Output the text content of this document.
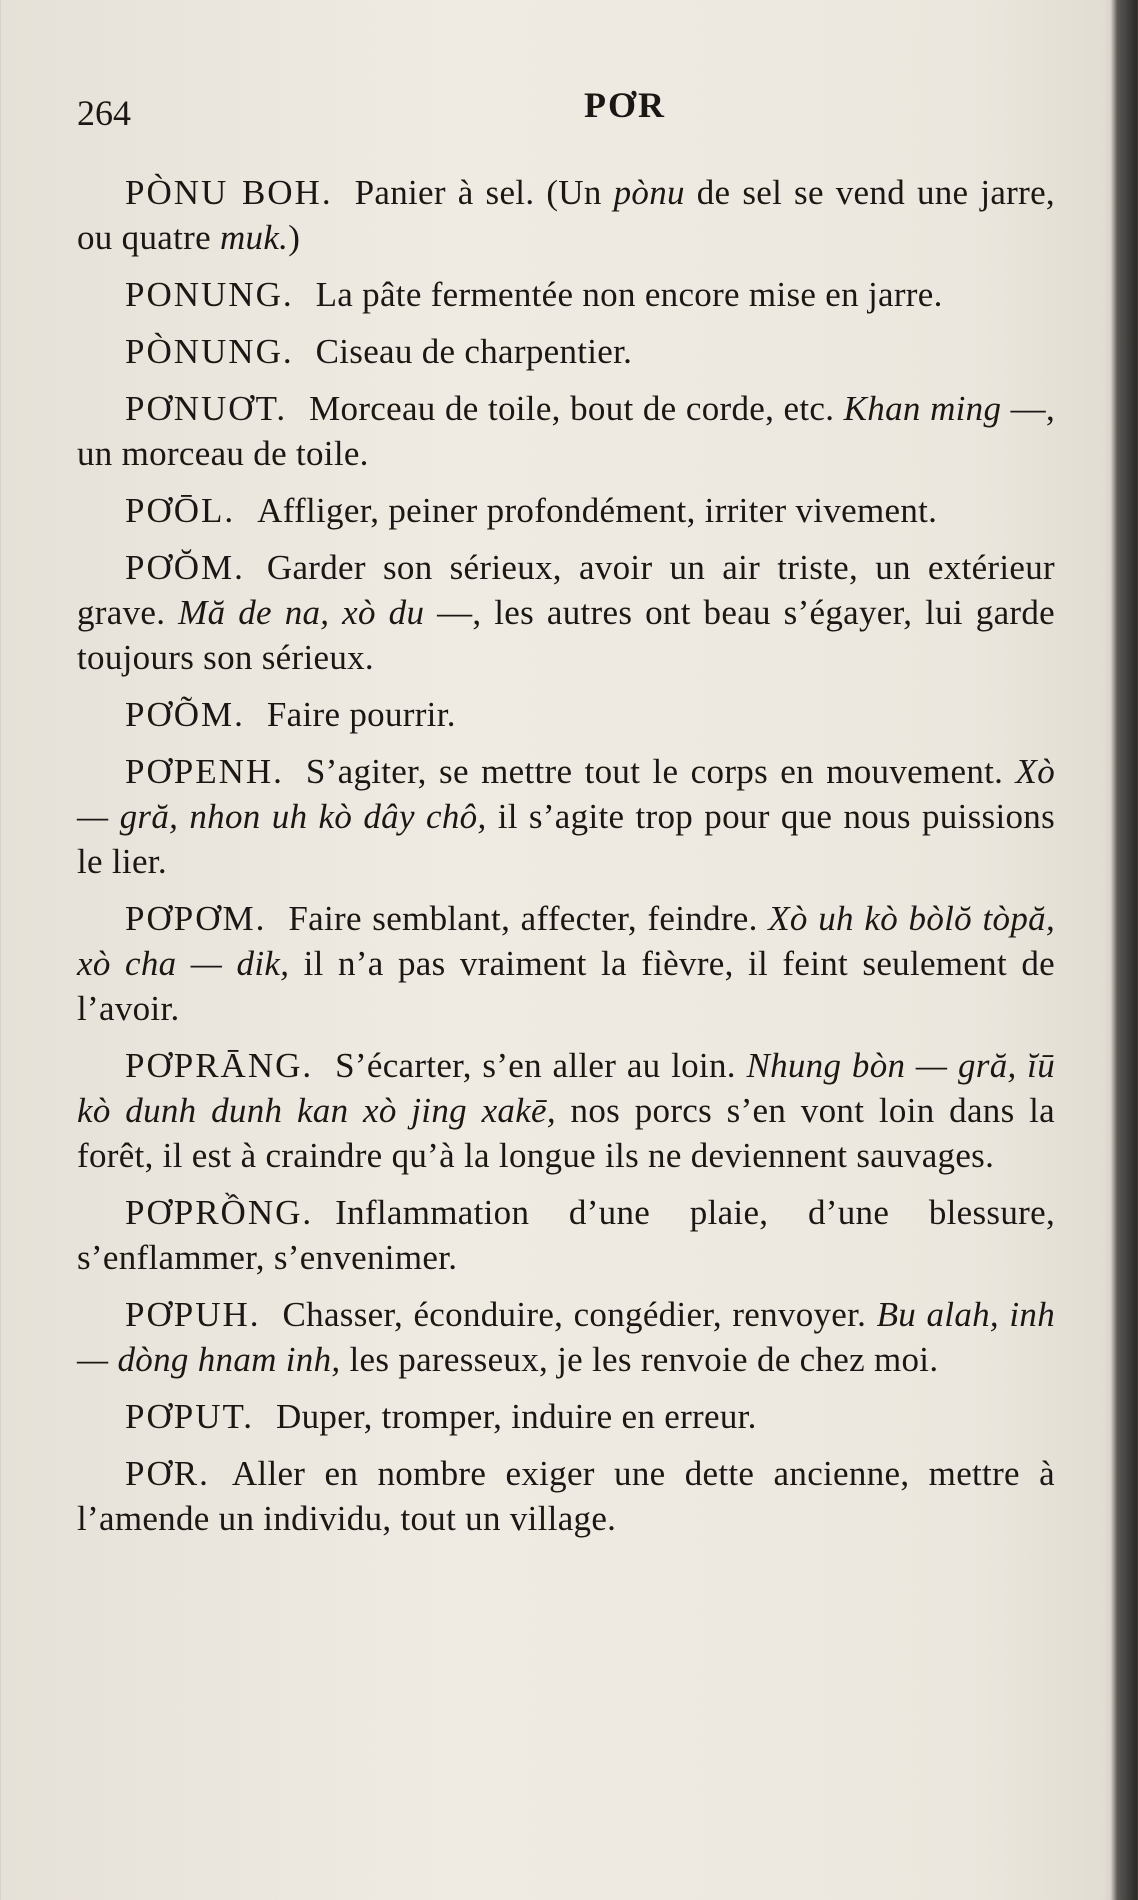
264	PƠR

PÒNU BOH. Panier à sel. (Un pònu de sel se vend une jarre, ou quatre muk.)

PONUNG. La pâte fermentée non encore mise en jarre.

PÒNUNG. Ciseau de charpentier.

PƠNUƠT. Morceau de toile, bout de corde, etc. Khan ming —, un morceau de toile.

PƠŌL. Affliger, peiner profondément, irriter vivement.

PƠŎM. Garder son sérieux, avoir un air triste, un extérieur grave. Mă de na, xò du —, les autres ont beau s’égayer, lui garde toujours son sérieux.

PƠÕM. Faire pourrir.

PƠPENH. S’agiter, se mettre tout le corps en mouvement. Xò — gră, nhon uh kò dây chô, il s’agite trop pour que nous puissions le lier.

PƠPƠM. Faire semblant, affecter, feindre. Xò uh kò bòlŏ tòpă, xò cha — dik, il n’a pas vraiment la fièvre, il feint seulement de l’avoir.

PƠPRĀNG. S’écarter, s’en aller au loin. Nhung bòn — gră, ĭū kò dunh dunh kan xò jing xakē, nos porcs s’en vont loin dans la forêt, il est à craindre qu’à la longue ils ne deviennent sauvages.

PƠPRỒNG. Inflammation d’une plaie, d’une blessure, s’enflammer, s’envenimer.

PƠPUH. Chasser, éconduire, congédier, renvoyer. Bu alah, inh — dòng hnam inh, les paresseux, je les renvoie de chez moi.

PƠPUT. Duper, tromper, induire en erreur.

PƠR. Aller en nombre exiger une dette ancienne, mettre à l’amende un individu, tout un village.
